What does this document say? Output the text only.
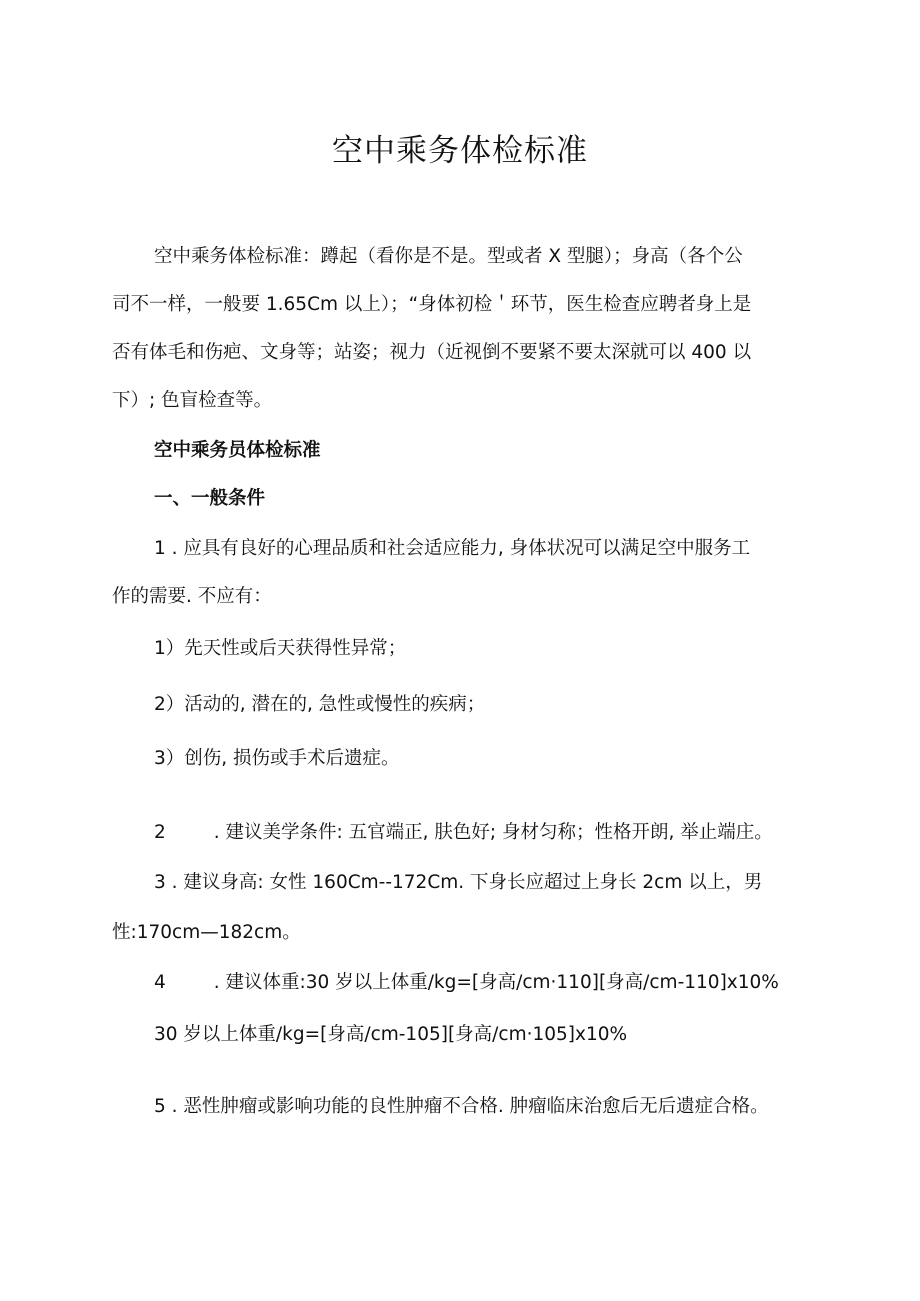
空中乘务体检标准

空中乘务体检标准：蹲起（看你是不是。型或者 X 型腿）；身高（各个公

司不一样，一般要 1.65Cm 以上）；“身体初检＇环节，医生检查应聘者身上是

否有体毛和伤疤、文身等；站姿；视力（近视倒不要紧不要太深就可以 400 以

下）; 色盲检查等。

空中乘务员体检标准

一、一般条件

1 . 应具有良好的心理品质和社会适应能力, 身体状况可以满足空中服务工

作的需要. 不应有：

1）先天性或后天获得性异常；

2）活动的, 潜在的, 急性或慢性的疾病；

3）创伤, 损伤或手术后遗症。

2	. 建议美学条件: 五官端正, 肤色好; 身材匀称；性格开朗, 举止端庄。

3 . 建议身高: 女性 160Cm--172Cm. 下身长应超过上身长 2cm 以上，男

性:170cm—182cm。

4	. 建议体重:30 岁以上体重/kg=[身高/cm·110][身高/cm-110]x10%

30 岁以上体重/kg=[身高/cm-105][身高/cm·105]x10%

5 . 恶性肿瘤或影响功能的良性肿瘤不合格. 肿瘤临床治愈后无后遗症合格。
